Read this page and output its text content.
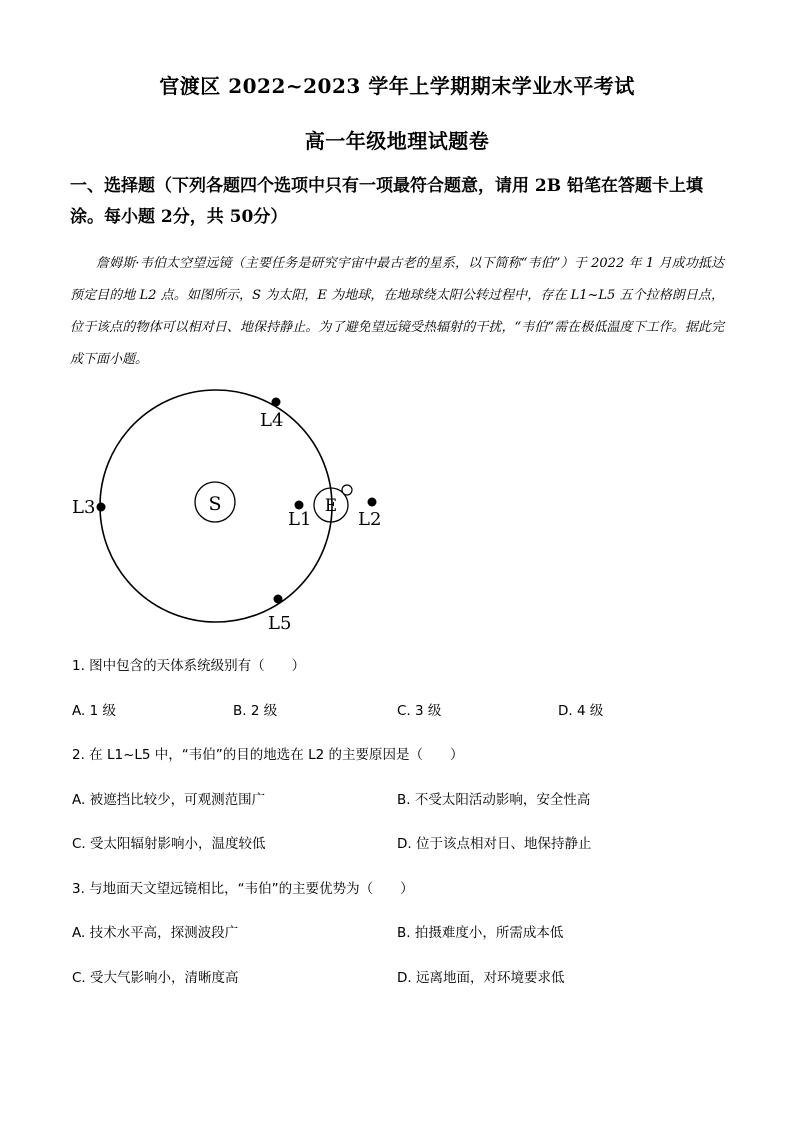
官渡区 2022~2023 学年上学期期末学业水平考试
高一年级地理试题卷
一、选择题（下列各题四个选项中只有一项最符合题意，请用 2B 铅笔在答题卡上填涂。每小题 2分，共 50分）
詹姆斯·韦伯太空望远镜（主要任务是研究宇宙中最古老的星系，以下简称“韦伯”）于 2022 年 1 月成功抵达预定目的地 L2 点。如图所示，S 为太阳，E 为地球，在地球绕太阳公转过程中，存在 L1~L5 五个拉格朗日点，位于该点的物体可以相对日、地保持静止。为了避免望远镜受热辐射的干扰，“韦伯”需在极低温度下工作。据此完成下面小题。
S	E
L4
L3
L1	L2
L5
1. 图中包含的天体系统级别有（　　）
A. 1 级	B. 2 级	C. 3 级	D. 4 级
2. 在 L1~L5 中，“韦伯”的目的地选在 L2 的主要原因是（　　）
A. 被遮挡比较少，可观测范围广	B. 不受太阳活动影响，安全性高
C. 受太阳辐射影响小，温度较低	D. 位于该点相对日、地保持静止
3. 与地面天文望远镜相比，“韦伯”的主要优势为（　　）
A. 技术水平高，探测波段广	B. 拍摄难度小，所需成本低
C. 受大气影响小，清晰度高	D. 远离地面，对环境要求低
